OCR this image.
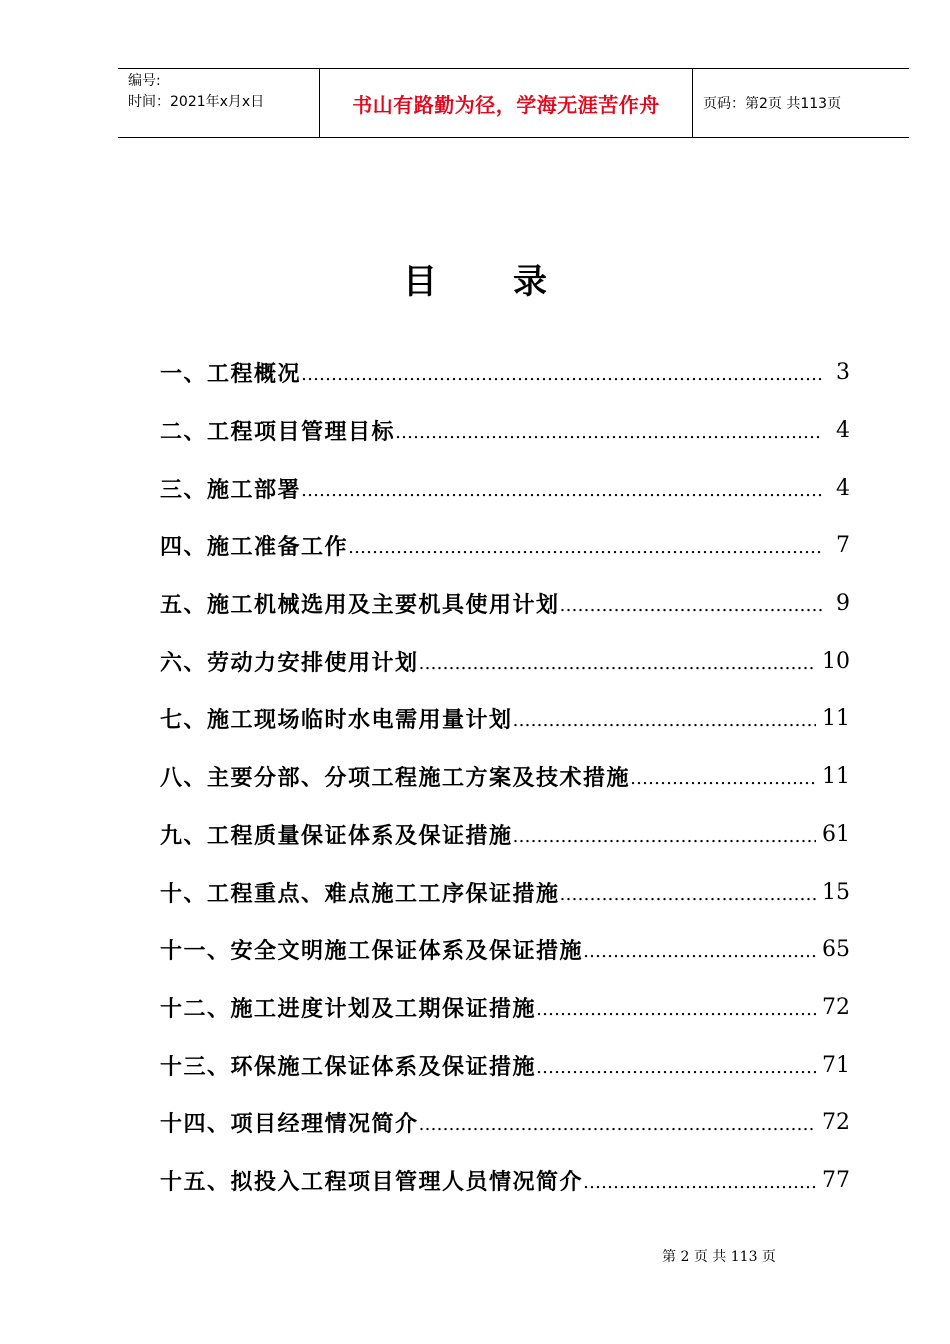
编号:
时间：2021年x月x日	书山有路勤为径，学海无涯苦作舟	页码：第2页 共113页
目 录
一、工程概况 …………………………………………………………………………………………………………………………	3
二、工程项目管理目标 …………………………………………………………………………………………………………………………	4
三、施工部署 …………………………………………………………………………………………………………………………	4
四、施工准备工作 …………………………………………………………………………………………………………………………	7
五、施工机械选用及主要机具使用计划 …………………………………………………………………………………………………………………………	9
六、劳动力安排使用计划 …………………………………………………………………………………………………………………………	10
七、施工现场临时水电需用量计划 …………………………………………………………………………………………………………………………	11
八、主要分部、分项工程施工方案及技术措施 …………………………………………………………………………………………………………………………	11
九、工程质量保证体系及保证措施 …………………………………………………………………………………………………………………………	61
十、工程重点、难点施工工序保证措施 …………………………………………………………………………………………………………………………	15
十一、安全文明施工保证体系及保证措施 …………………………………………………………………………………………………………………………	65
十二、施工进度计划及工期保证措施 …………………………………………………………………………………………………………………………	72
十三、环保施工保证体系及保证措施 …………………………………………………………………………………………………………………………	71
十四、项目经理情况简介 …………………………………………………………………………………………………………………………	72
十五、拟投入工程项目管理人员情况简介 …………………………………………………………………………………………………………………………	77
第 2 页 共 113 页
